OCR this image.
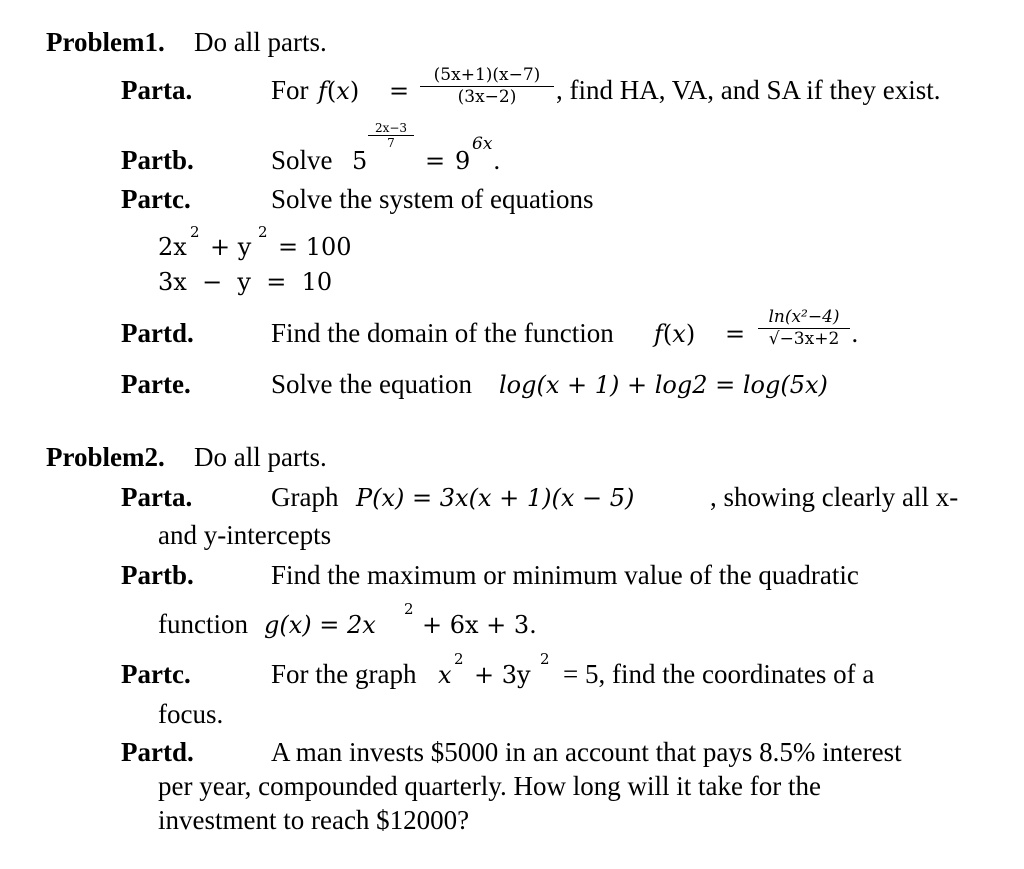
Problem1. Do all parts.
Parta.	For f(x) =
(5x+1)(x−7)
(3x−2)	, find HA, VA, and SA if they exist.
Partb.	Solve 5
2x−3
7
= 9
6x
.
Partc.	Solve the system of equations
2x
2
+ y
2
= 100
3x  −  y  =  10
Partd.	Find the domain of the function f(x) =
ln(x²−4)
√−3x+2 .
Parte.	Solve the equation log(x + 1) + log2 = log(5x)
Problem2. Do all parts.
Parta.	Graph P(x) = 3x(x + 1)(x − 5)	, showing clearly all x-
and y-intercepts
Partb.	Find the maximum or minimum value of the quadratic
function g(x) = 2x
2
+ 6x + 3.
Partc.	For the graph x
2
+ 3y
2 = 5, find the coordinates of a
focus.
Partd.	A man invests $5000 in an account that pays 8.5% interest
per year, compounded quarterly. How long will it take for the
investment to reach $12000?
